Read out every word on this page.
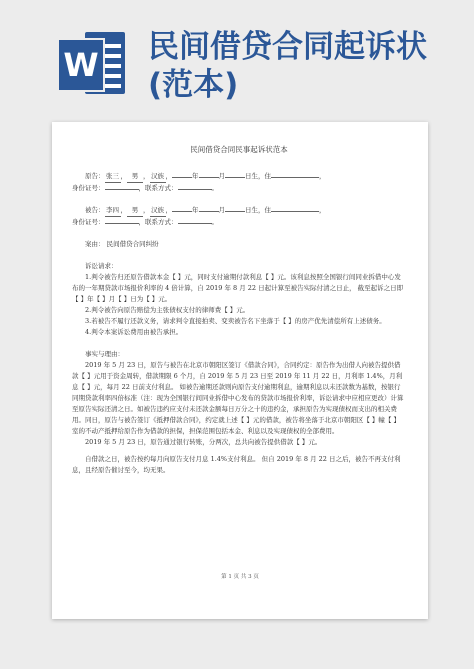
W 民间借贷合同起诉状(范本)

民间借贷合同民事起诉状范本

原告： 张三 ， 男 ， 汉族 ，	年	月	日生，住	，

身份证号：	，联系方式：	。

被告： 李四 ， 男 ， 汉族 ，	年	月	日生，住	，

身份证号：	，联系方式：	。

案由： 民间借贷合同纠纷

诉讼请求：

1.判令被告归还原告借款本金【 】元，同时支付逾期付款利息【 】元。该利息按照全国银行间同业拆借中心发布的一年期贷款市场报价利率的 4 倍计算，自 2019 年 8 月 22 日起计算至被告实际付清之日止， 截至起诉之日即【 】年【 】月【 】日为【 】元。

2.判令被告向原告赔偿为主张债权支付的律师费【 】元。

3.若被告不履行还款义务，请求判令直接拍卖、变卖被告名下坐落于【 】的房产优先清偿所有上述债务。

4.判令本案诉讼费用由被告承担。

事实与理由：

2019 年 5 月 23 日，原告与被告在北京市朝阳区签订《借款合同》，合同约定：原告作为出借人向被告提供借款【 】元用于资金周转，借款期限 6 个月，自 2019 年 5 月 23 日至 2019 年 11 月 22 日，月利率 1.4%，月利息【 】元，每月 22 日前支付利息。 如被告逾期还款则向原告支付逾期利息，逾期利息以未还款数为基数，按银行同期贷款利率四倍标准（注：现为全国银行间同业拆借中心发布的贷款市场报价利率，诉讼请求中应相应更改）计算至原告实际还清之日。如被告违约应支付未还款金额每日万分之十的违约金，承担原告为实现债权而支出的相关费用。同日，原告与被告签订《抵押借款合同》，约定就上述【 】元的借款，被告将坐落于北京市朝阳区【 】幢【 】室的不动产抵押给原告作为借款的担保，担保范围包括本金、利息以及实现债权的全部费用。

2019 年 5 月 23 日，原告通过银行转账，分两次，总共向被告提供借款【 】元。

自借款之日，被告按约每月向原告支付月息 1.4%支付利息。 但自 2019 年 8 月 22 日之后，被告不再支付利息，且经原告催讨至今，均无果。

第 1 页 共 3 页
